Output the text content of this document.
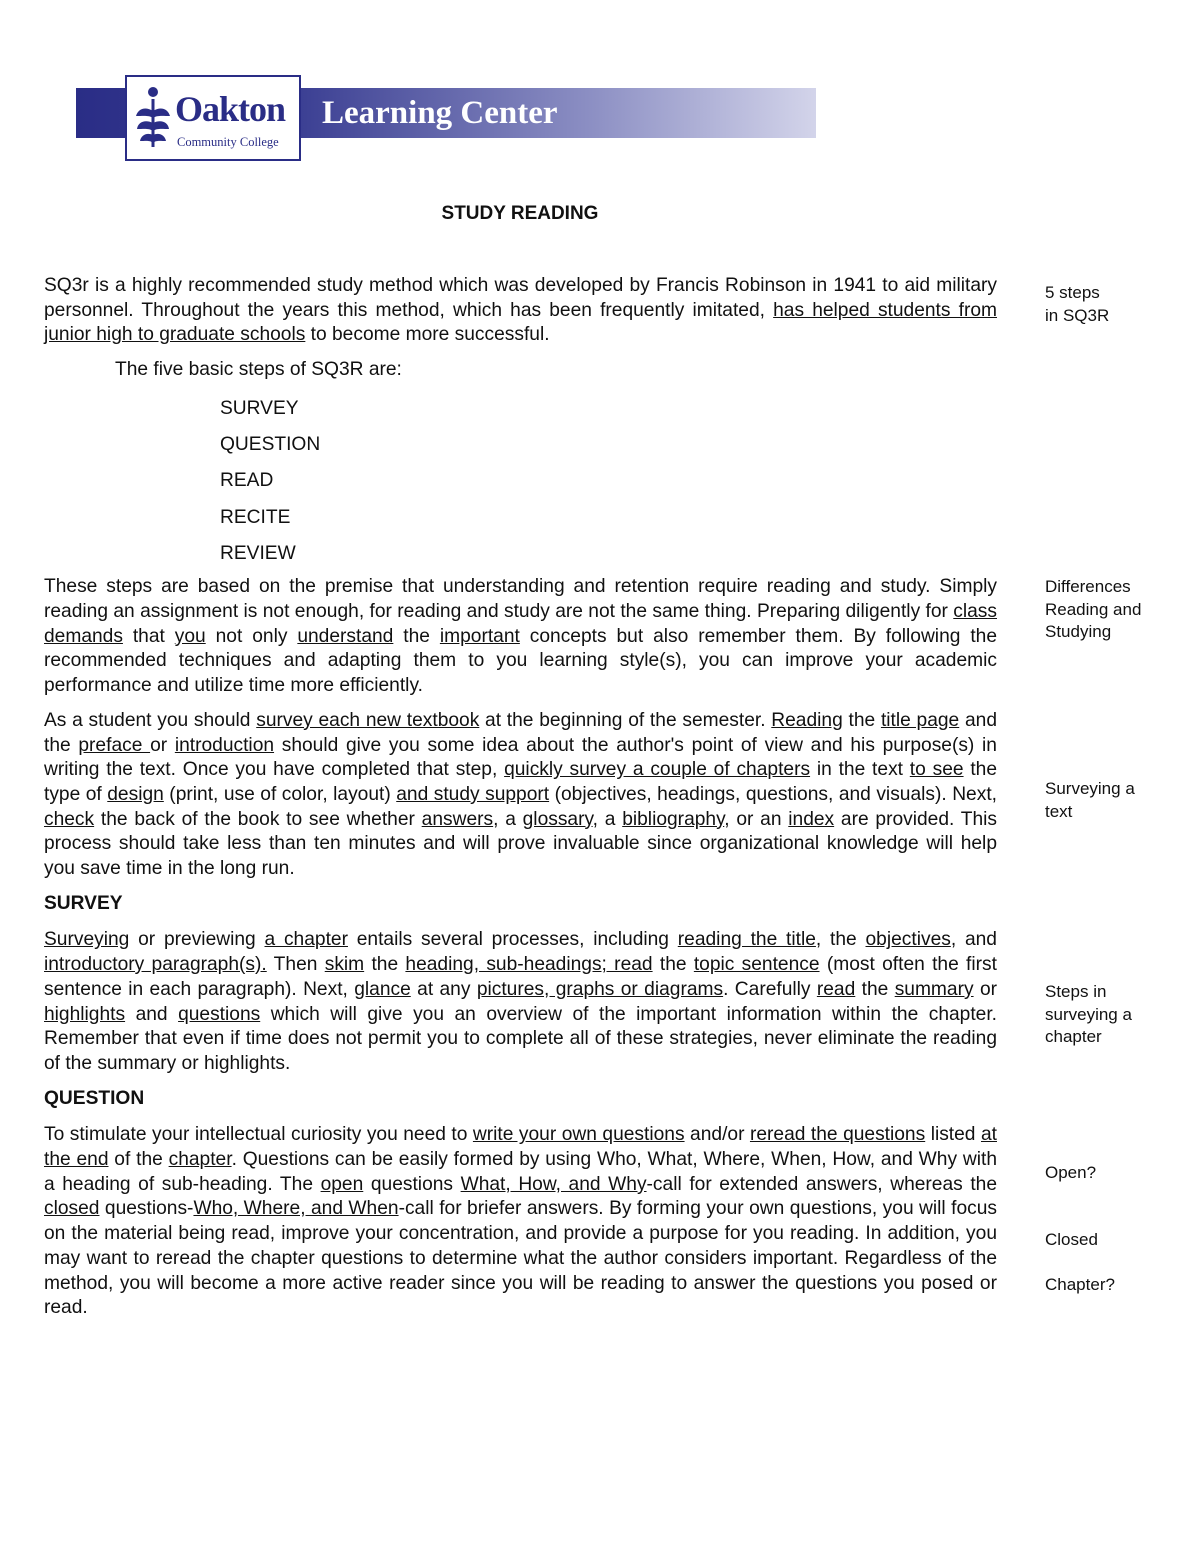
Learning Center
Oakton
Community College
STUDY READING

SQ3r is a highly recommended study method which was developed by Francis Robinson in 1941 to aid military personnel. Throughout the years this method, which has been frequently imitated, has helped students from junior high to graduate schools to become more successful.

The five basic steps of SQ3R are:

SURVEY
QUESTION
READ
RECITE
REVIEW

These steps are based on the premise that understanding and retention require reading and study. Simply reading an assignment is not enough, for reading and study are not the same thing. Preparing diligently for class demands that you not only understand the important concepts but also remember them. By following the recommended techniques and adapting them to you learning style(s), you can improve your academic performance and utilize time more efficiently.

As a student you should survey each new textbook at the beginning of the semester. Reading the title page and the preface or introduction should give you some idea about the author's point of view and his purpose(s) in writing the text. Once you have completed that step, quickly survey a couple of chapters in the text to see the type of design (print, use of color, layout) and study support (objectives, headings, questions, and visuals). Next, check the back of the book to see whether answers, a glossary, a bibliography, or an index are provided. This process should take less than ten minutes and will prove invaluable since organizational knowledge will help you save time in the long run.

SURVEY

Surveying or previewing a chapter entails several processes, including reading the title, the objectives, and introductory paragraph(s). Then skim the heading, sub-headings; read the topic sentence (most often the first sentence in each paragraph). Next, glance at any pictures, graphs or diagrams. Carefully read the summary or highlights and questions which will give you an overview of the important information within the chapter. Remember that even if time does not permit you to complete all of these strategies, never eliminate the reading of the summary or highlights.

QUESTION

To stimulate your intellectual curiosity you need to write your own questions and/or reread the questions listed at the end of the chapter. Questions can be easily formed by using Who, What, Where, When, How, and Why with a heading of sub-heading. The open questions What, How, and Why-call for extended answers, whereas the closed questions-Who, Where, and When-call for briefer answers. By forming your own questions, you will focus on the material being read, improve your concentration, and provide a purpose for you reading. In addition, you may want to reread the chapter questions to determine what the author considers important. Regardless of the method, you will become a more active reader since you will be reading to answer the questions you posed or read.

5 steps
in SQ3R

Differences
Reading and
Studying

Surveying a
text

Steps in
surveying a
chapter

Open?

Closed

Chapter?
